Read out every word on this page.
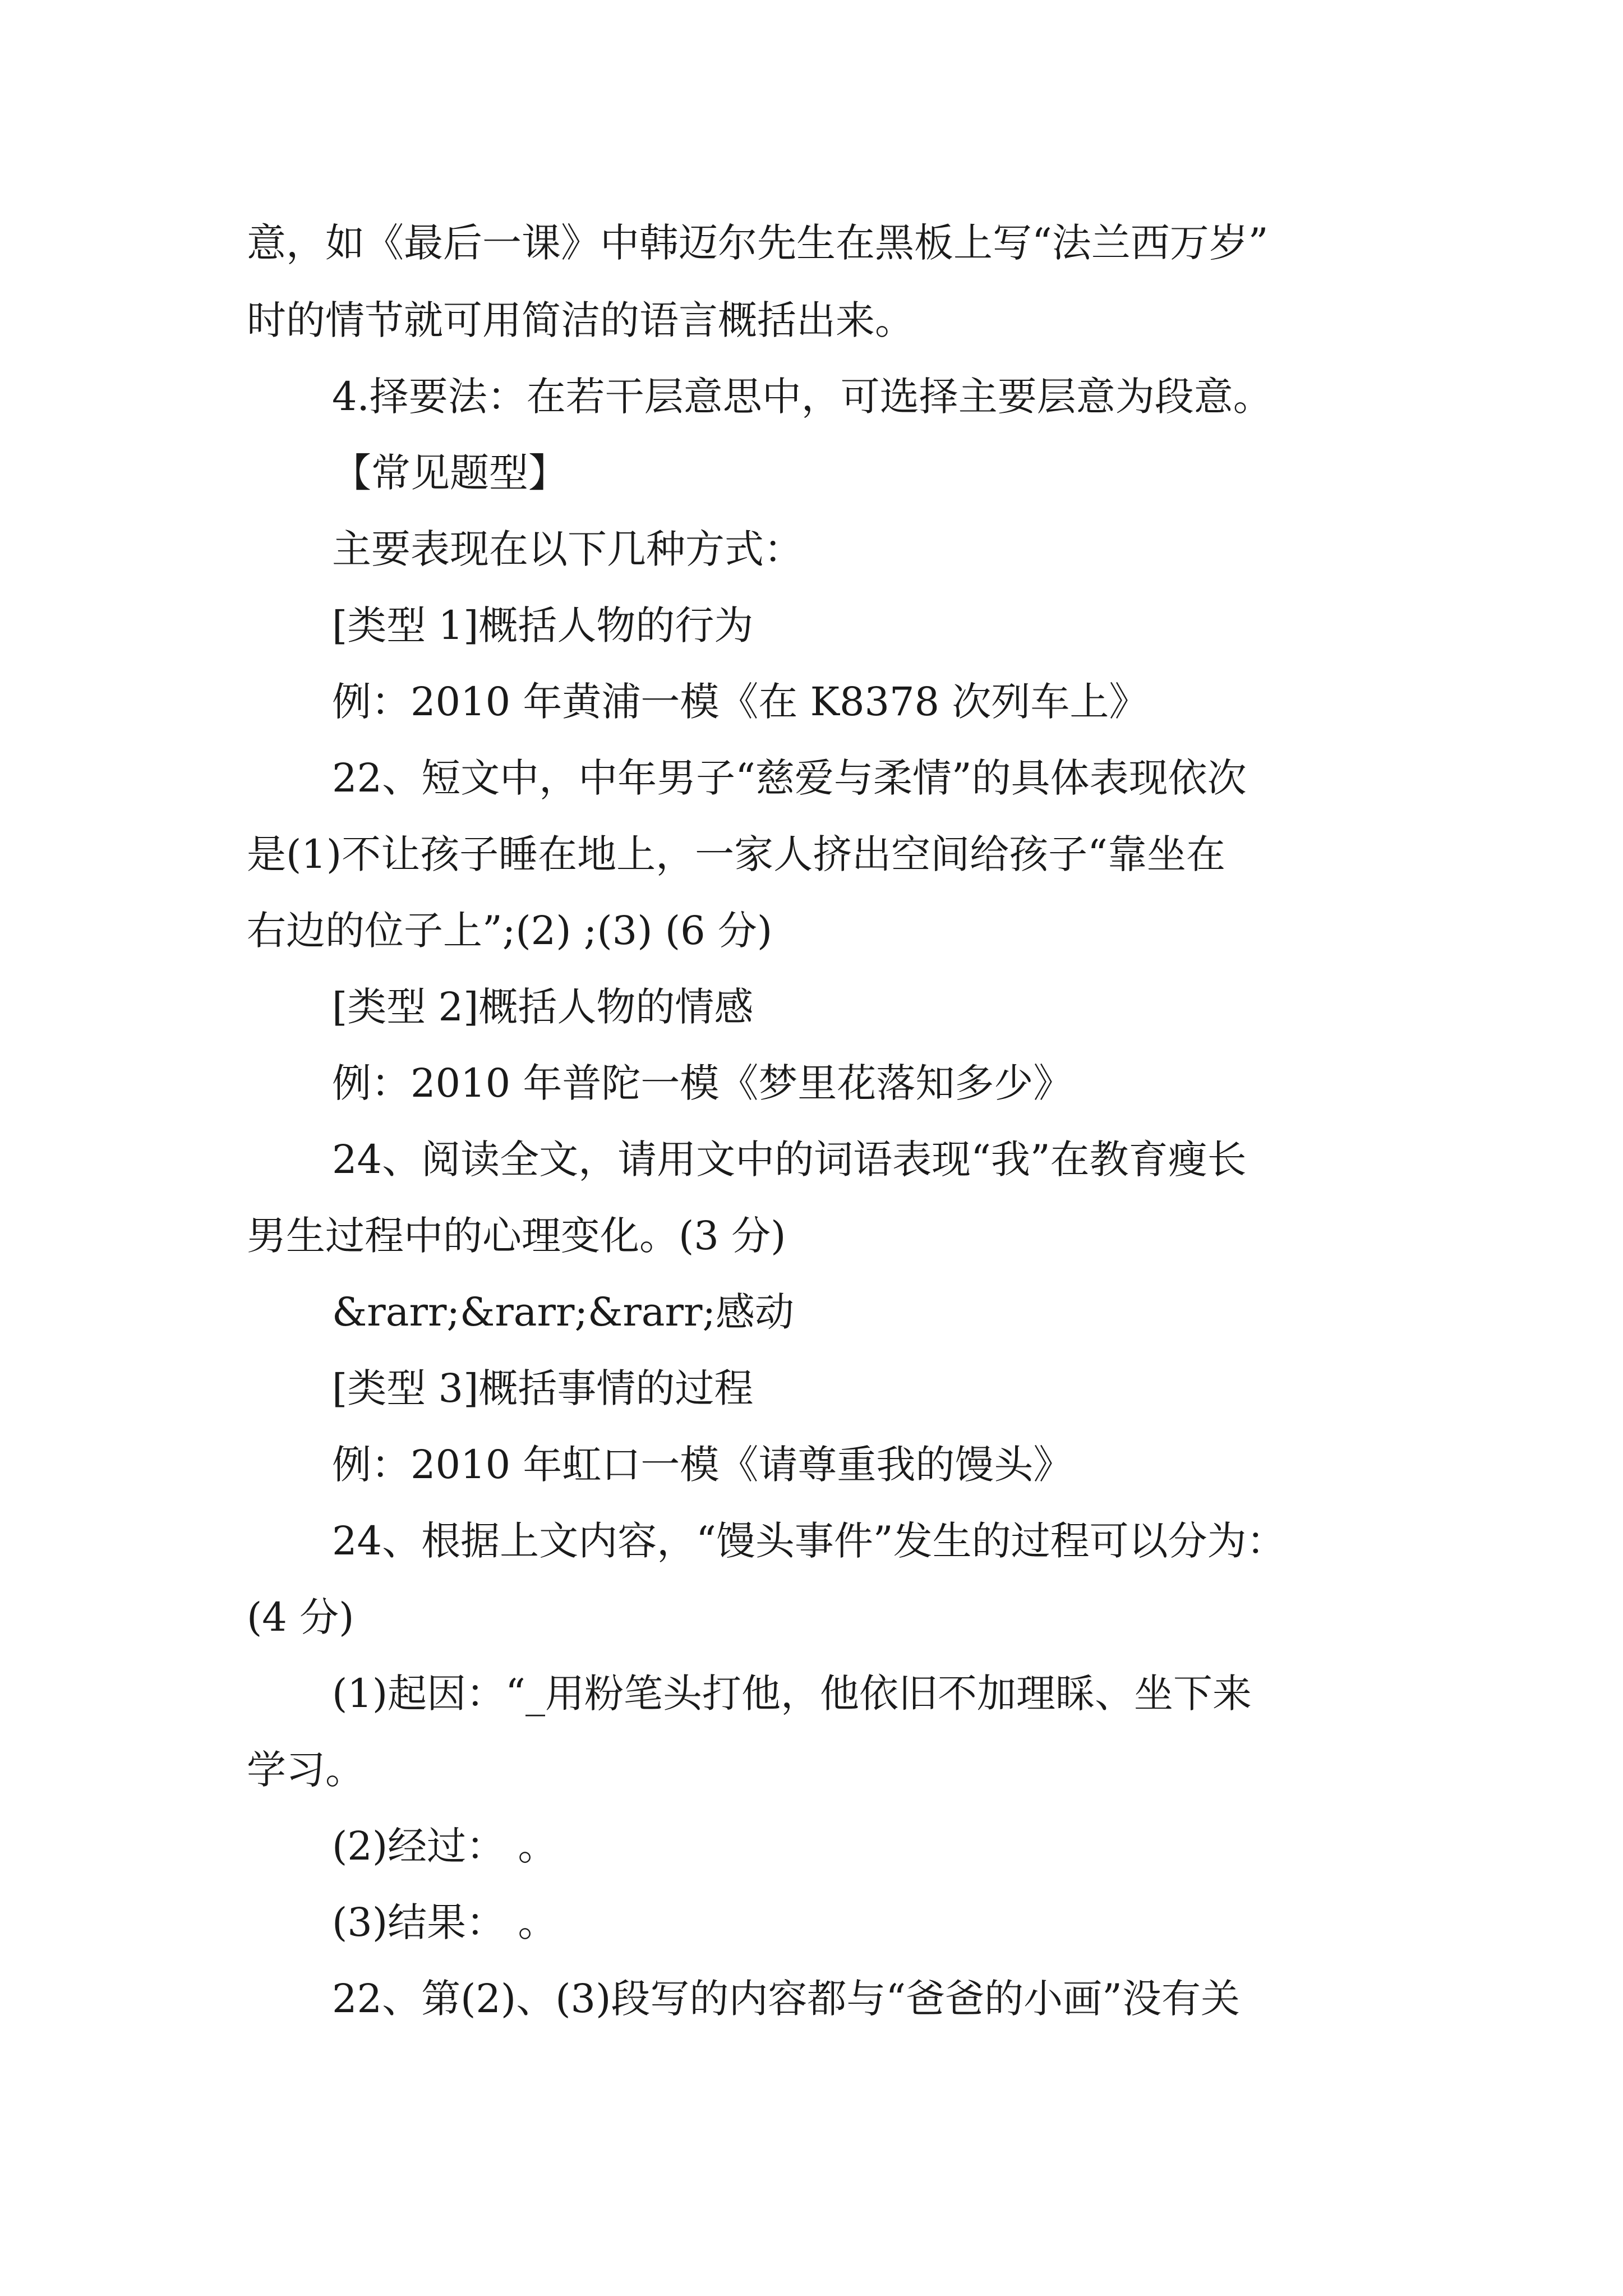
意，如《最后一课》中韩迈尔先生在黑板上写“法兰西万岁”

时的情节就可用简洁的语言概括出来。

4.择要法：在若干层意思中，可选择主要层意为段意。

【常见题型】

主要表现在以下几种方式：

[类型 1]概括人物的行为

例：2010 年黄浦一模《在 K8378 次列车上》

22、短文中，中年男子“慈爱与柔情”的具体表现依次

是(1)不让孩子睡在地上，一家人挤出空间给孩子“靠坐在

右边的位子上”;(2) ;(3) (6 分)

[类型 2]概括人物的情感

例：2010 年普陀一模《梦里花落知多少》

24、阅读全文，请用文中的词语表现“我”在教育瘦长

男生过程中的心理变化。(3 分)

&rarr;&rarr;&rarr;感动

[类型 3]概括事情的过程

例：2010 年虹口一模《请尊重我的馒头》

24、根据上文内容，“馒头事件”发生的过程可以分为：

(4 分)

(1)起因：“_用粉笔头打他，他依旧不加理睬、坐下来

学习。

(2)经过： 。

(3)结果： 。

22、第(2)、(3)段写的内容都与“爸爸的小画”没有关
